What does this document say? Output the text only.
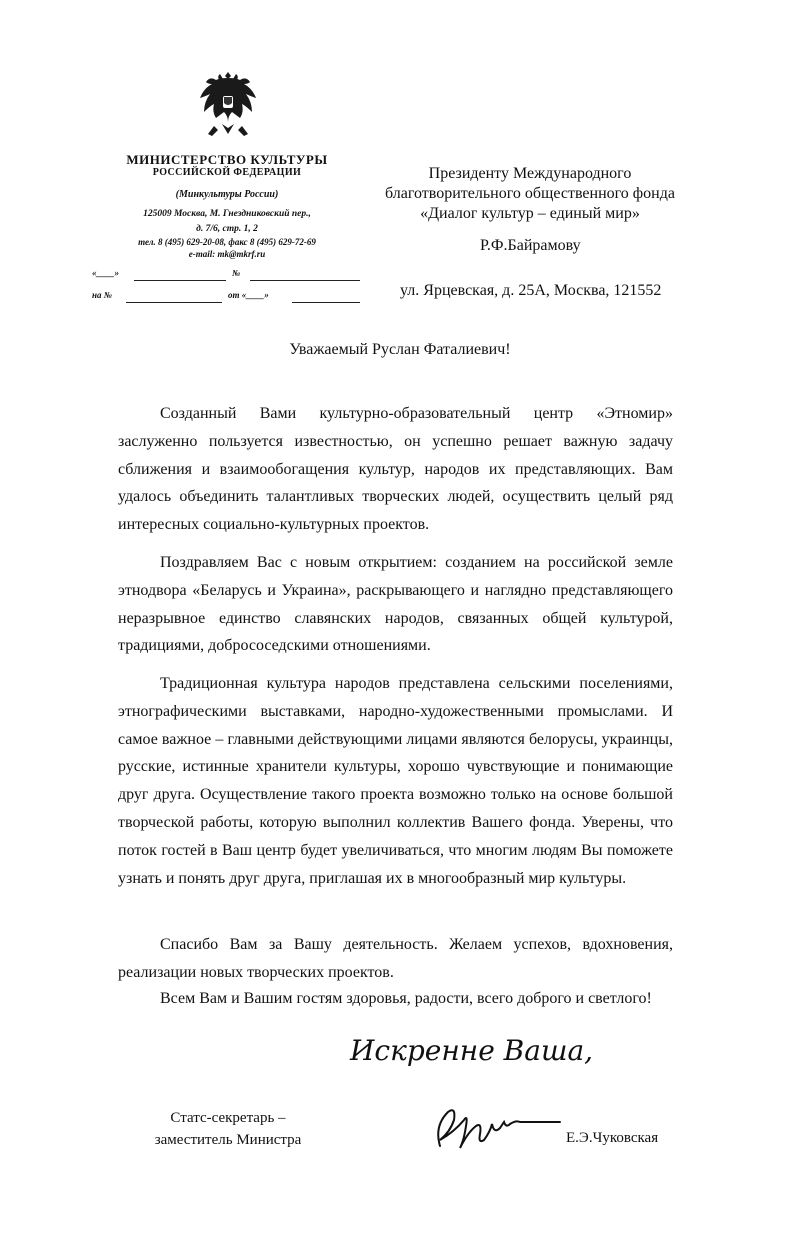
МИНИСТЕРСТВО КУЛЬТУРЫ
РОССИЙСКОЙ ФЕДЕРАЦИИ
(Минкультуры России)
125009 Москва, М. Гнездниковский пер.,
д. 7/6, стр. 1, 2
тел. 8 (495) 629-20-08, факс 8 (495) 629-72-69
e-mail: mk@mkrf.ru
«____»	№
на №	от «____»
Президенту Международного
благотворительного общественного фонда
«Диалог культур – единый мир»
Р.Ф.Байрамову
ул. Ярцевская, д. 25А, Москва, 121552
Уважаемый Руслан Фаталиевич!

Созданный Вами культурно-образовательный центр «Этномир» заслуженно пользуется известностью, он успешно решает важную задачу сближения и взаимообогащения культур, народов их представляющих. Вам удалось объединить талантливых творческих людей, осуществить целый ряд интересных социально-культурных проектов.

Поздравляем Вас с новым открытием: созданием на российской земле этнодвора «Беларусь и Украина», раскрывающего и наглядно представляющего неразрывное единство славянских народов, связанных общей культурой, традициями, добрососедскими отношениями.

Традиционная культура народов представлена сельскими поселениями, этнографическими выставками, народно-художественными промыслами. И самое важное – главными действующими лицами являются белорусы, украинцы, русские, истинные хранители культуры, хорошо чувствующие и понимающие друг друга. Осуществление такого проекта возможно только на основе большой творческой работы, которую выполнил коллектив Вашего фонда. Уверены, что поток гостей в Ваш центр будет увеличиваться, что многим людям Вы поможете узнать и понять друг друга, приглашая их в многообразный мир культуры.

Спасибо Вам за Вашу деятельность. Желаем успехов, вдохновения, реализации новых творческих проектов.

Всем Вам и Вашим гостям здоровья, радости, всего доброго и светлого!

Искренне Ваша,
Статс-секретарь –
заместитель Министра	Е.Э.Чуковская
